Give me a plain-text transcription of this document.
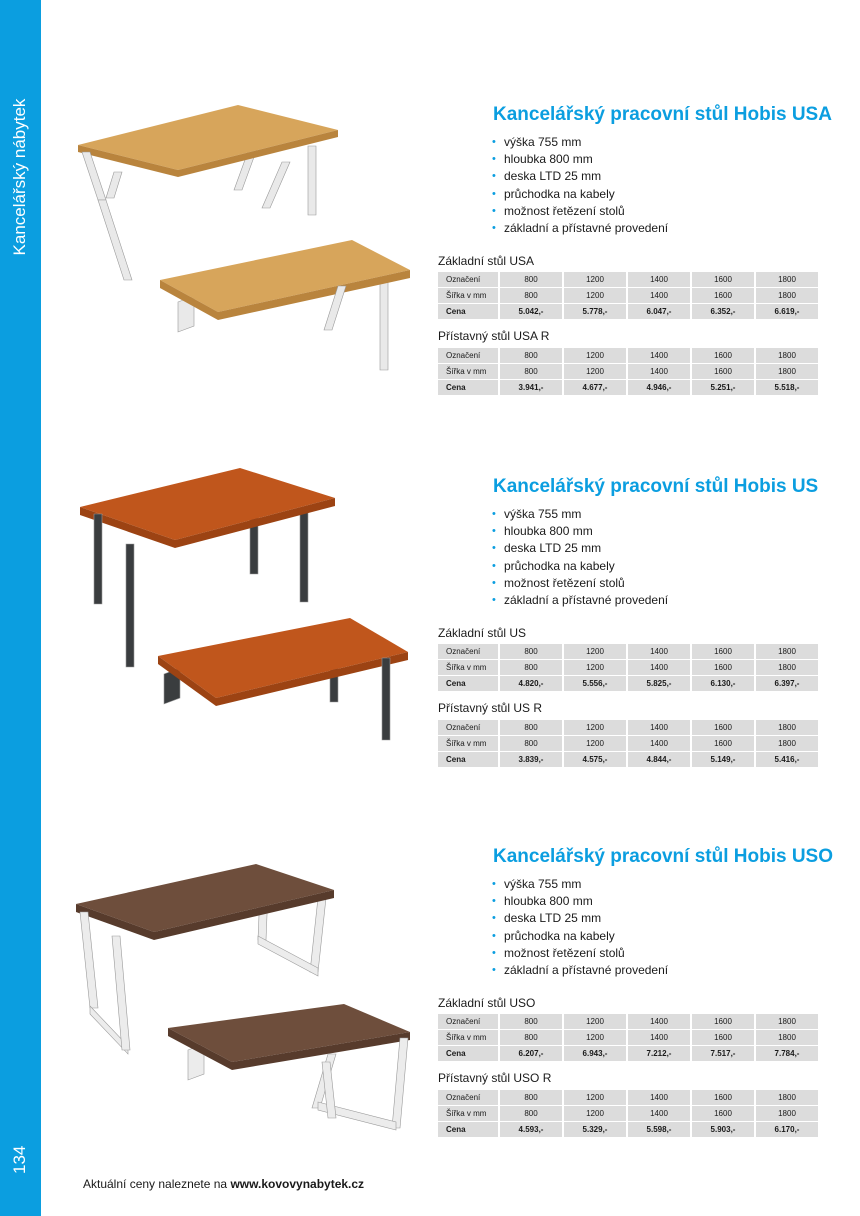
Kancelářský nábytek
134
Kancelářský pracovní stůl Hobis USA
• výška 755 mm
• hloubka 800 mm
• deska LTD 25 mm
• průchodka na kabely
• možnost řetězení stolů
• základní a přístavné provedení
Základní stůl USA
Označení	800	1200	1400	1600	1800
Šířka v mm	800	1200	1400	1600	1800
Cena	5.042,-	5.778,-	6.047,-	6.352,-	6.619,-
Přístavný stůl USA R
Označení	800	1200	1400	1600	1800
Šířka v mm	800	1200	1400	1600	1800
Cena	3.941,-	4.677,-	4.946,-	5.251,-	5.518,-
Kancelářský pracovní stůl Hobis US
• výška 755 mm
• hloubka 800 mm
• deska LTD 25 mm
• průchodka na kabely
• možnost řetězení stolů
• základní a přístavné provedení
Základní stůl US
Označení	800	1200	1400	1600	1800
Šířka v mm	800	1200	1400	1600	1800
Cena	4.820,-	5.556,-	5.825,-	6.130,-	6.397,-
Přístavný stůl US R
Označení	800	1200	1400	1600	1800
Šířka v mm	800	1200	1400	1600	1800
Cena	3.839,-	4.575,-	4.844,-	5.149,-	5.416,-
Kancelářský pracovní stůl Hobis USO
• výška 755 mm
• hloubka 800 mm
• deska LTD 25 mm
• průchodka na kabely
• možnost řetězení stolů
• základní a přístavné provedení
Základní stůl USO
Označení	800	1200	1400	1600	1800
Šířka v mm	800	1200	1400	1600	1800
Cena	6.207,-	6.943,-	7.212,-	7.517,-	7.784,-
Přístavný stůl USO R
Označení	800	1200	1400	1600	1800
Šířka v mm	800	1200	1400	1600	1800
Cena	4.593,-	5.329,-	5.598,-	5.903,-	6.170,-
Aktuální ceny naleznete na www.kovovynabytek.cz
